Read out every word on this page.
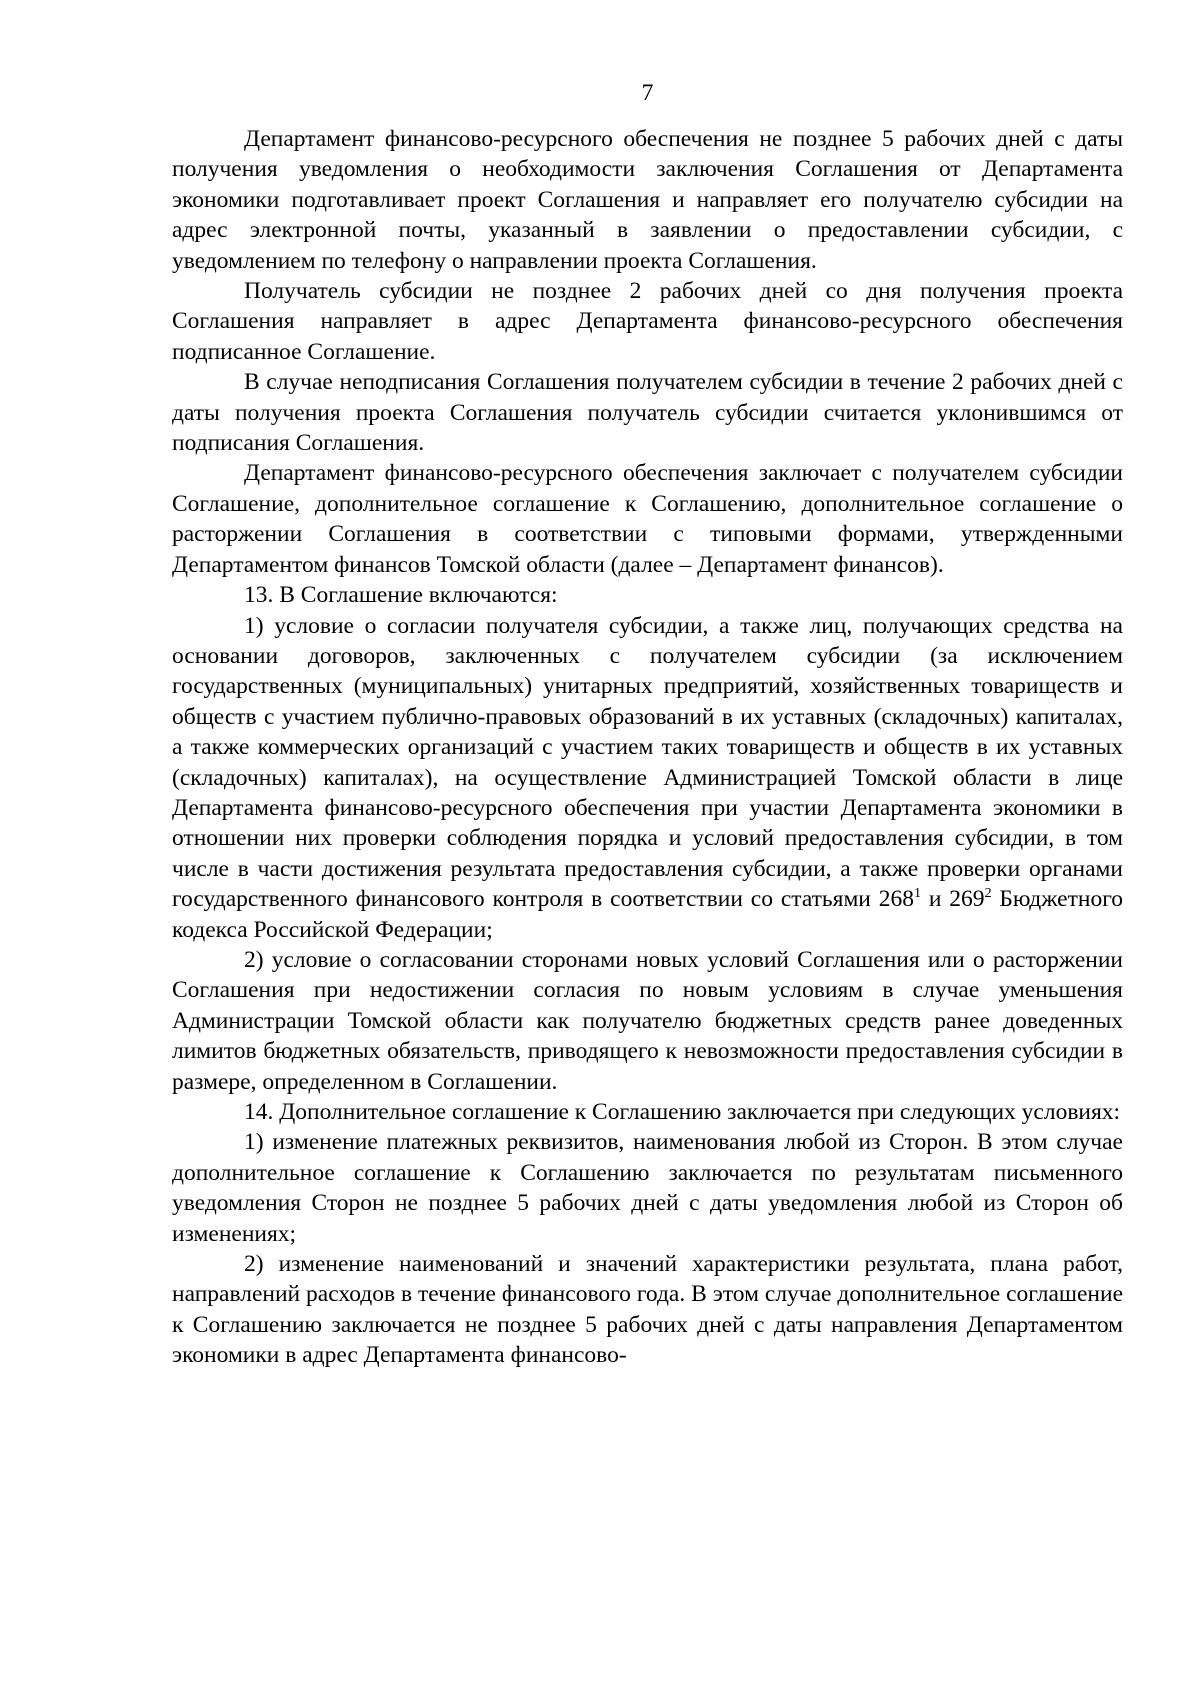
7

Департамент финансово-ресурсного обеспечения не позднее 5 рабочих дней с даты получения уведомления о необходимости заключения Соглашения от Департамента экономики подготавливает проект Соглашения и направляет его получателю субсидии на адрес электронной почты, указанный в заявлении о предоставлении субсидии, с уведомлением по телефону о направлении проекта Соглашения.

Получатель субсидии не позднее 2 рабочих дней со дня получения проекта Соглашения направляет в адрес Департамента финансово-ресурсного обеспечения подписанное Соглашение.

В случае неподписания Соглашения получателем субсидии в течение 2 рабочих дней с даты получения проекта Соглашения получатель субсидии считается уклонившимся от подписания Соглашения.

Департамент финансово-ресурсного обеспечения заключает с получателем субсидии Соглашение, дополнительное соглашение к Соглашению, дополнительное соглашение о расторжении Соглашения в соответствии с типовыми формами, утвержденными Департаментом финансов Томской области (далее – Департамент финансов).

13. В Соглашение включаются:

1) условие о согласии получателя субсидии, а также лиц, получающих средства на основании договоров, заключенных с получателем субсидии (за исключением государственных (муниципальных) унитарных предприятий, хозяйственных товариществ и обществ с участием публично-правовых образований в их уставных (складочных) капиталах, а также коммерческих организаций с участием таких товариществ и обществ в их уставных (складочных) капиталах), на осуществление Администрацией Томской области в лице Департамента финансово-ресурсного обеспечения при участии Департамента экономики в отношении них проверки соблюдения порядка и условий предоставления субсидии, в том числе в части достижения результата предоставления субсидии, а также проверки органами государственного финансового контроля в соответствии со статьями $268^1$ и $269^2$ Бюджетного кодекса Российской Федерации;

2) условие о согласовании сторонами новых условий Соглашения или о расторжении Соглашения при недостижении согласия по новым условиям в случае уменьшения Администрации Томской области как получателю бюджетных средств ранее доведенных лимитов бюджетных обязательств, приводящего к невозможности предоставления субсидии в размере, определенном в Соглашении.

14. Дополнительное соглашение к Соглашению заключается при следующих условиях:

1) изменение платежных реквизитов, наименования любой из Сторон. В этом случае дополнительное соглашение к Соглашению заключается по результатам письменного уведомления Сторон не позднее 5 рабочих дней с даты уведомления любой из Сторон об изменениях;

2) изменение наименований и значений характеристики результата, плана работ, направлений расходов в течение финансового года. В этом случае дополнительное соглашение к Соглашению заключается не позднее 5 рабочих дней с даты направления Департаментом экономики в адрес Департамента финансово-
